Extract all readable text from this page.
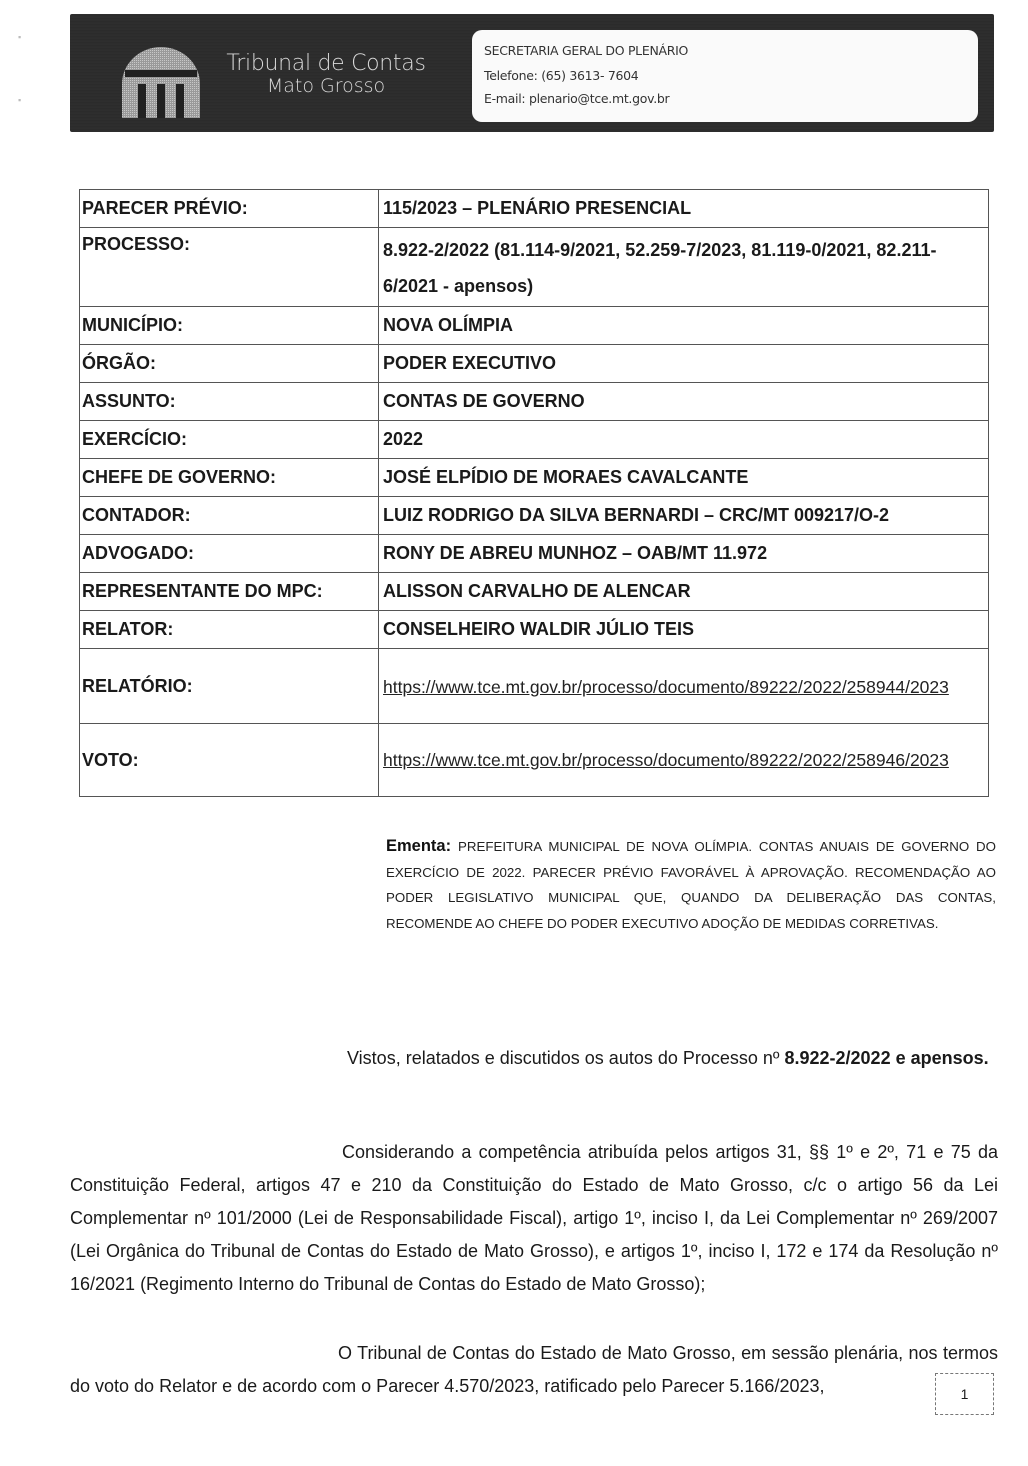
▪
▪
Tribunal de Contas
Mato Grosso
SECRETARIA GERAL DO PLENÁRIO
Telefone: (65) 3613- 7604
E-mail: plenario@tce.mt.gov.br
PARECER PRÉVIO:	115/2023 – PLENÁRIO PRESENCIAL
PROCESSO:	8.922-2/2022 (81.114-9/2021, 52.259-7/2023, 81.119-0/2021, 82.211-6/2021 - apensos)
MUNICÍPIO:	NOVA OLÍMPIA
ÓRGÃO:	PODER EXECUTIVO
ASSUNTO:	CONTAS DE GOVERNO
EXERCÍCIO:	2022
CHEFE DE GOVERNO:	JOSÉ ELPÍDIO DE MORAES CAVALCANTE
CONTADOR:	LUIZ RODRIGO DA SILVA BERNARDI – CRC/MT 009217/O-2
ADVOGADO:	RONY DE ABREU MUNHOZ – OAB/MT 11.972
REPRESENTANTE DO MPC:	ALISSON CARVALHO DE ALENCAR
RELATOR:	CONSELHEIRO WALDIR JÚLIO TEIS
RELATÓRIO:	https://www.tce.mt.gov.br/processo/documento/89222/2022/258944/2023
VOTO:	https://www.tce.mt.gov.br/processo/documento/89222/2022/258946/2023
Ementa: PREFEITURA MUNICIPAL DE NOVA OLÍMPIA. CONTAS ANUAIS DE GOVERNO DO EXERCÍCIO DE 2022. PARECER PRÉVIO FAVORÁVEL À APROVAÇÃO. RECOMENDAÇÃO AO PODER LEGISLATIVO MUNICIPAL QUE, QUANDO DA DELIBERAÇÃO DAS CONTAS, RECOMENDE AO CHEFE DO PODER EXECUTIVO ADOÇÃO DE MEDIDAS CORRETIVAS.
Vistos, relatados e discutidos os autos do Processo nº 8.922-2/2022 e apensos.
Considerando a competência atribuída pelos artigos 31, §§ 1º e 2º, 71 e 75 da Constituição Federal, artigos 47 e 210 da Constituição do Estado de Mato Grosso, c/c o artigo 56 da Lei Complementar nº 101/2000 (Lei de Responsabilidade Fiscal), artigo 1º, inciso I, da Lei Complementar nº 269/2007 (Lei Orgânica do Tribunal de Contas do Estado de Mato Grosso), e artigos 1º, inciso I, 172 e 174 da Resolução nº 16/2021 (Regimento Interno do Tribunal de Contas do Estado de Mato Grosso);
O Tribunal de Contas do Estado de Mato Grosso, em sessão plenária, nos termos do voto do Relator e de acordo com o Parecer 4.570/2023, ratificado pelo Parecer 5.166/2023,	1
